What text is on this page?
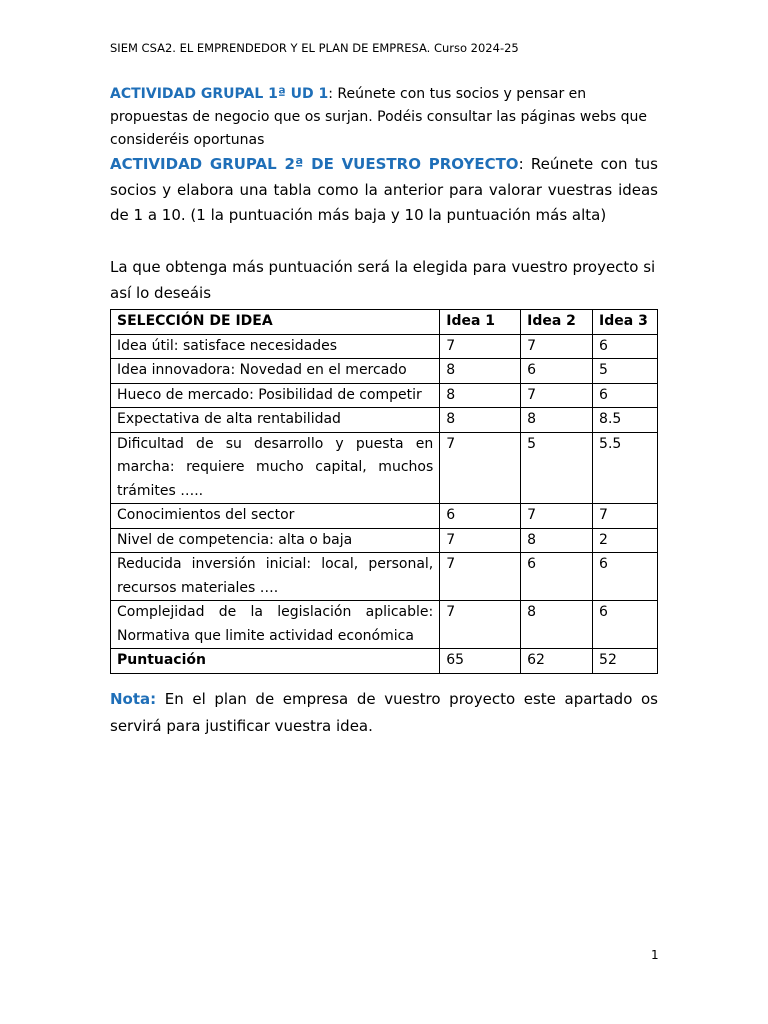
SIEM CSA2. EL EMPRENDEDOR Y EL PLAN DE EMPRESA. Curso 2024-25
ACTIVIDAD GRUPAL 1ª UD 1: Reúnete con tus socios y pensar en propuestas de negocio que os surjan. Podéis consultar las páginas webs que consideréis oportunas
ACTIVIDAD GRUPAL 2ª DE VUESTRO PROYECTO: Reúnete con tus socios y elabora una tabla como la anterior para valorar vuestras ideas de 1 a 10. (1 la puntuación más baja y 10 la puntuación más alta)
La que obtenga más puntuación será la elegida para vuestro proyecto si así lo deseáis
SELECCIÓN DE IDEA	Idea 1	Idea 2	Idea 3
Idea útil: satisface necesidades	7	7	6
Idea innovadora: Novedad en el mercado	8	6	5
Hueco de mercado: Posibilidad de competir	8	7	6
Expectativa de alta rentabilidad	8	8	8.5
Dificultad de su desarrollo y puesta en marcha: requiere mucho capital, muchos trámites …..	7	5	5.5
Conocimientos del sector	6	7	7
Nivel de competencia: alta o baja	7	8	2
Reducida inversión inicial: local, personal, recursos materiales ….	7	6	6
Complejidad de la legislación aplicable: Normativa que limite actividad económica	7	8	6
Puntuación	65	62	52
Nota: En el plan de empresa de vuestro proyecto este apartado os servirá para justificar vuestra idea.
1
